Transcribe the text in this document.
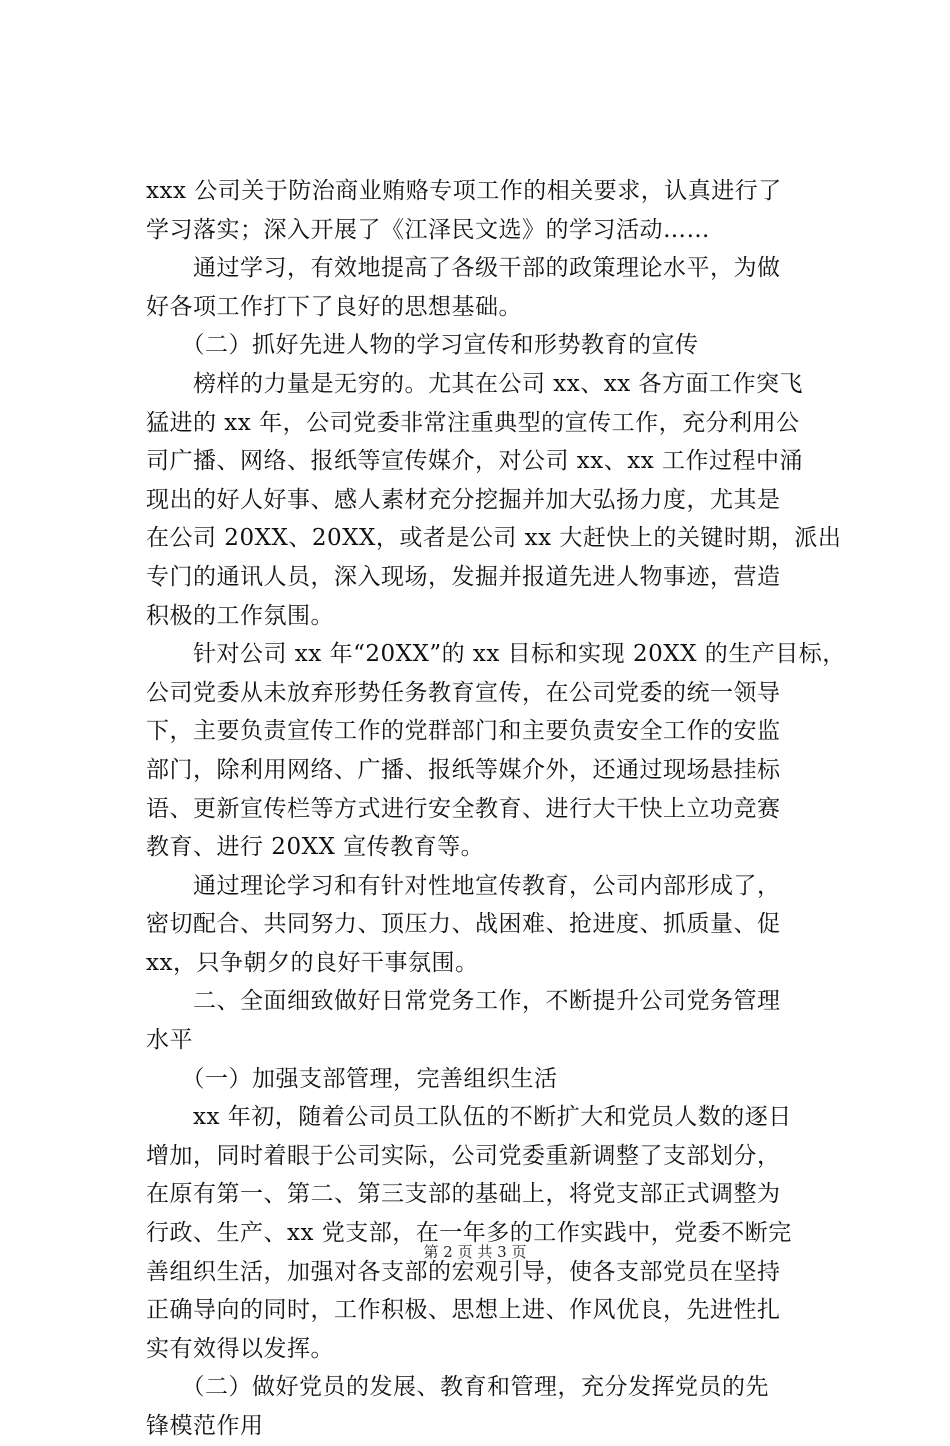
xxx 公司关于防治商业贿赂专项工作的相关要求，认真进行了
学习落实；深入开展了《江泽民文选》的学习活动……
　　通过学习，有效地提高了各级干部的政策理论水平，为做
好各项工作打下了良好的思想基础。
　　（二）抓好先进人物的学习宣传和形势教育的宣传
　　榜样的力量是无穷的。尤其在公司 xx、xx 各方面工作突飞
猛进的 xx 年，公司党委非常注重典型的宣传工作，充分利用公
司广播、网络、报纸等宣传媒介，对公司 xx、xx 工作过程中涌
现出的好人好事、感人素材充分挖掘并加大弘扬力度，尤其是
在公司 20XX、20XX，或者是公司 xx 大赶快上的关键时期，派出
专门的通讯人员，深入现场，发掘并报道先进人物事迹，营造
积极的工作氛围。
　　针对公司 xx 年“20XX”的 xx 目标和实现 20XX 的生产目标，
公司党委从未放弃形势任务教育宣传，在公司党委的统一领导
下，主要负责宣传工作的党群部门和主要负责安全工作的安监
部门，除利用网络、广播、报纸等媒介外，还通过现场悬挂标
语、更新宣传栏等方式进行安全教育、进行大干快上立功竞赛
教育、进行 20XX 宣传教育等。
　　通过理论学习和有针对性地宣传教育，公司内部形成了，
密切配合、共同努力、顶压力、战困难、抢进度、抓质量、促
xx，只争朝夕的良好干事氛围。
　　二、全面细致做好日常党务工作，不断提升公司党务管理
水平
　　（一）加强支部管理，完善组织生活
　　xx 年初，随着公司员工队伍的不断扩大和党员人数的逐日
增加，同时着眼于公司实际，公司党委重新调整了支部划分，
在原有第一、第二、第三支部的基础上，将党支部正式调整为
行政、生产、xx 党支部，在一年多的工作实践中，党委不断完
善组织生活，加强对各支部的宏观引导，使各支部党员在坚持
正确导向的同时，工作积极、思想上进、作风优良，先进性扎
实有效得以发挥。
　　（二）做好党员的发展、教育和管理，充分发挥党员的先
锋模范作用
第 2 页 共 3 页
